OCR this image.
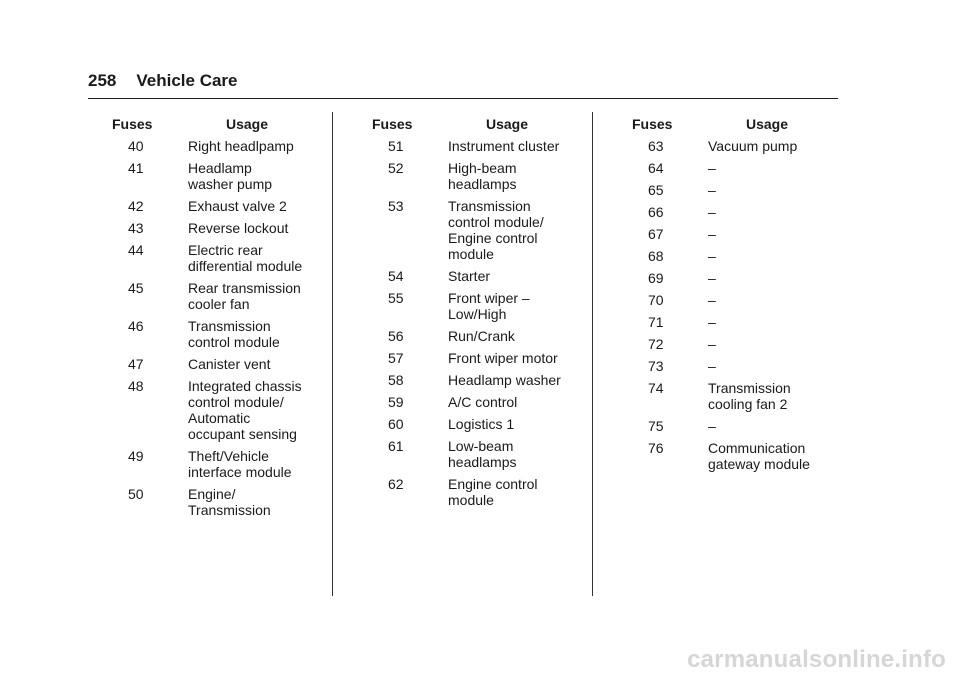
258 Vehicle Care
Fuses	Usage
40	Right headlpamp
41	Headlamp
washer pump
42	Exhaust valve 2
43	Reverse lockout
44	Electric rear
differential module
45	Rear transmission
cooler fan
46	Transmission
control module
47	Canister vent
48	Integrated chassis
control module/
Automatic
occupant sensing
49	Theft/Vehicle
interface module
50	Engine/
Transmission
Fuses	Usage
51	Instrument cluster
52	High-beam
headlamps
53	Transmission
control module/
Engine control
module
54	Starter
55	Front wiper –
Low/High
56	Run/Crank
57	Front wiper motor
58	Headlamp washer
59	A/C control
60	Logistics 1
61	Low-beam
headlamps
62	Engine control
module
Fuses	Usage
63	Vacuum pump
64	–
65	–
66	–
67	–
68	–
69	–
70	–
71	–
72	–
73	–
74	Transmission
cooling fan 2
75	–
76	Communication
gateway module
carmanualsonline.info
